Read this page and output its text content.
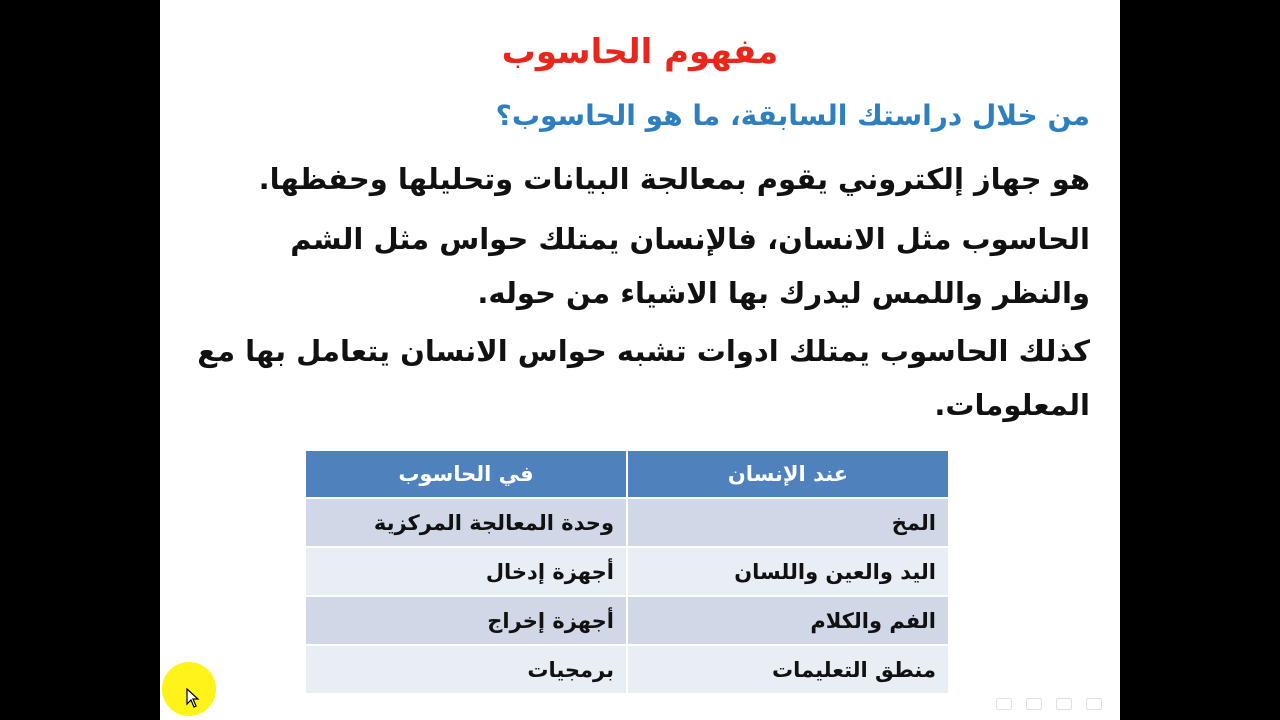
مفهوم الحاسوب
من خلال دراستك السابقة، ما هو الحاسوب؟
هو جهاز إلكتروني يقوم بمعالجة البيانات وتحليلها وحفظها.
الحاسوب مثل الانسان، فالإنسان يمتلك حواس مثل الشم والنظر واللمس ليدرك بها الاشياء من حوله.
كذلك الحاسوب يمتلك ادوات تشبه حواس الانسان يتعامل بها مع المعلومات.
عند الإنسان	في الحاسوب
المخ	وحدة المعالجة المركزية
اليد والعين واللسان	أجهزة إدخال
الفم والكلام	أجهزة إخراج
منطق التعليمات	برمجيات
